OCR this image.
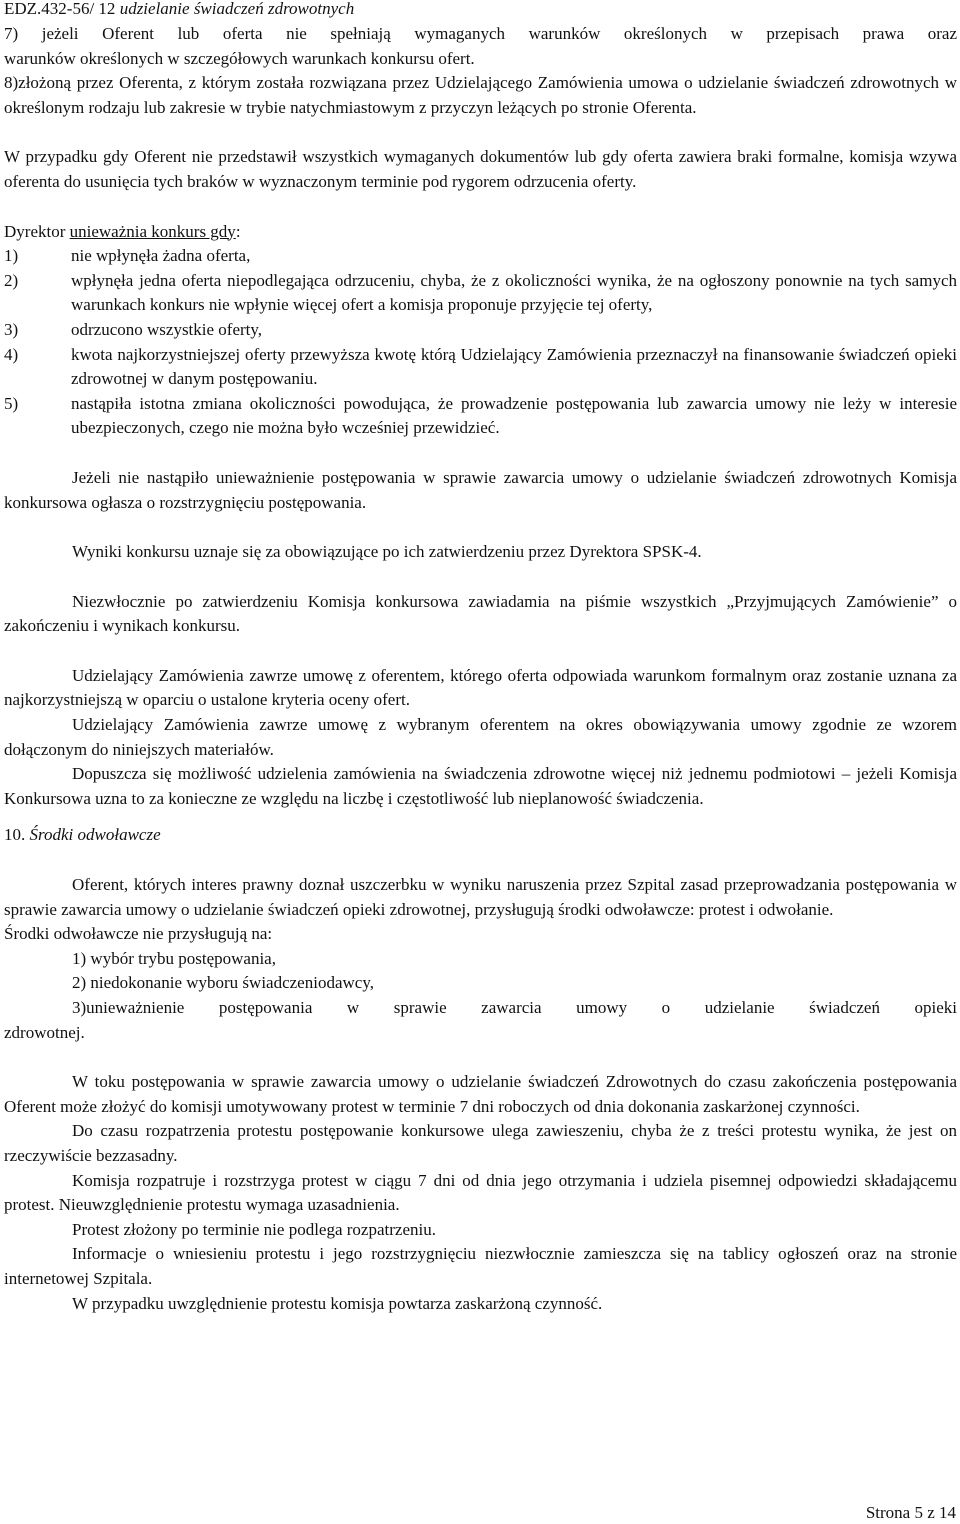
EDZ.432-56/ 12 udzielanie świadczeń zdrowotnych

7) jeżeli Oferent lub oferta nie spełniają wymaganych warunków określonych w przepisach prawa oraz

warunków określonych w szczegółowych warunkach konkursu ofert.

8)złożoną przez Oferenta, z którym została rozwiązana przez Udzielającego Zamówienia umowa o udzielanie świadczeń zdrowotnych w określonym rodzaju lub zakresie w trybie natychmiastowym z przyczyn leżących po stronie Oferenta.

W przypadku gdy Oferent nie przedstawił wszystkich wymaganych dokumentów lub gdy oferta zawiera braki formalne, komisja wzywa oferenta do usunięcia tych braków w wyznaczonym terminie pod rygorem odrzucenia oferty.

Dyrektor unieważnia konkurs gdy:

1)	nie wpłynęła żadna oferta,
2)	wpłynęła jedna oferta niepodlegająca odrzuceniu, chyba, że z okoliczności wynika, że na ogłoszony ponownie na tych samych warunkach konkurs nie wpłynie więcej ofert a komisja proponuje przyjęcie tej oferty,
3)	odrzucono wszystkie oferty,
4)	kwota najkorzystniejszej oferty przewyższa kwotę którą Udzielający Zamówienia przeznaczył na finansowanie świadczeń opieki zdrowotnej w danym postępowaniu.
5)	nastąpiła istotna zmiana okoliczności powodująca, że prowadzenie postępowania lub zawarcia umowy nie leży w interesie ubezpieczonych, czego nie można było wcześniej przewidzieć.

Jeżeli nie nastąpiło unieważnienie postępowania w sprawie zawarcia umowy o udzielanie świadczeń zdrowotnych Komisja konkursowa ogłasza o rozstrzygnięciu postępowania.

Wyniki konkursu uznaje się za obowiązujące po ich zatwierdzeniu przez Dyrektora SPSK-4.

Niezwłocznie po zatwierdzeniu Komisja konkursowa zawiadamia na piśmie wszystkich „Przyjmujących Zamówienie” o zakończeniu i wynikach konkursu.

Udzielający Zamówienia zawrze umowę z oferentem, którego oferta odpowiada warunkom formalnym oraz zostanie uznana za najkorzystniejszą w oparciu o ustalone kryteria oceny ofert.

Udzielający Zamówienia zawrze umowę z wybranym oferentem na okres obowiązywania umowy zgodnie ze wzorem dołączonym do niniejszych materiałów.

Dopuszcza się możliwość udzielenia zamówienia na świadczenia zdrowotne więcej niż jednemu podmiotowi – jeżeli Komisja Konkursowa uzna to za konieczne ze względu na liczbę i częstotliwość lub nieplanowość świadczenia.

10. Środki odwoławcze

Oferent, których interes prawny doznał uszczerbku w wyniku naruszenia przez Szpital zasad przeprowadzania postępowania w sprawie zawarcia umowy o udzielanie świadczeń opieki zdrowotnej, przysługują środki odwoławcze: protest i odwołanie.

Środki odwoławcze nie przysługują na:

1) wybór trybu postępowania,
2) niedokonanie wyboru świadczeniodawcy,

3)unieważnienie postępowania w sprawie zawarcia umowy o udzielanie świadczeń opieki

zdrowotnej.

W toku postępowania w sprawie zawarcia umowy o udzielanie świadczeń Zdrowotnych do czasu zakończenia postępowania Oferent może złożyć do komisji umotywowany protest w terminie 7 dni roboczych od dnia dokonania zaskarżonej czynności.

Do czasu rozpatrzenia protestu postępowanie konkursowe ulega zawieszeniu, chyba że z treści protestu wynika, że jest on rzeczywiście bezzasadny.

Komisja rozpatruje i rozstrzyga protest w ciągu 7 dni od dnia jego otrzymania i udziela pisemnej odpowiedzi składającemu protest. Nieuwzględnienie protestu wymaga uzasadnienia.

Protest złożony po terminie nie podlega rozpatrzeniu.

Informacje o wniesieniu protestu i jego rozstrzygnięciu niezwłocznie zamieszcza się na tablicy ogłoszeń oraz na stronie internetowej Szpitala.

W przypadku uwzględnienie protestu komisja powtarza zaskarżoną czynność.

Strona 5 z 14
